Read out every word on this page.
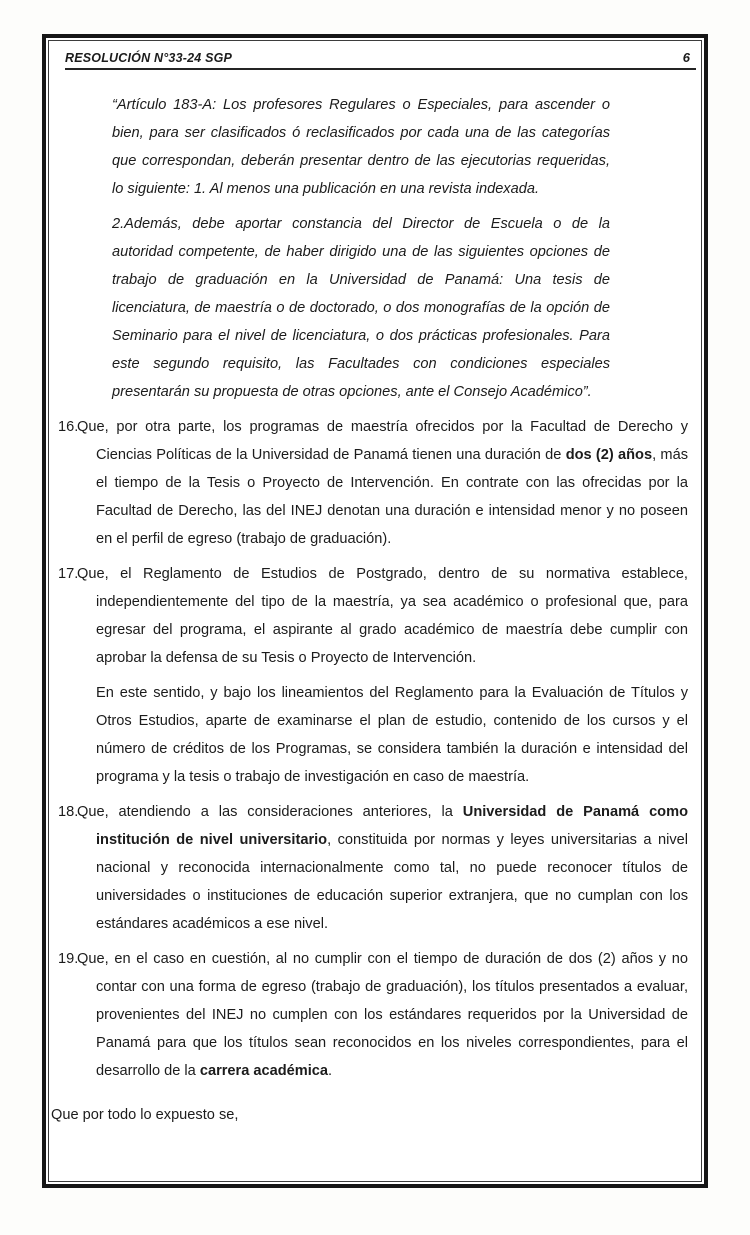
RESOLUCIÓN N°33-24 SGP	6

“Artículo 183-A: Los profesores Regulares o Especiales, para ascender o bien, para ser clasificados ó reclasificados por cada una de las categorías que correspondan, deberán presentar dentro de las ejecutorias requeridas, lo siguiente: 1. Al menos una publicación en una revista indexada.

2.Además, debe aportar constancia del Director de Escuela o de la autoridad competente, de haber dirigido una de las siguientes opciones de trabajo de graduación en la Universidad de Panamá: Una tesis de licenciatura, de maestría o de doctorado, o dos monografías de la opción de Seminario para el nivel de licenciatura, o dos prácticas profesionales. Para este segundo requisito, las Facultades con condiciones especiales presentarán su propuesta de otras opciones, ante el Consejo Académico”.

16.
Que, por otra parte, los programas de maestría ofrecidos por la Facultad de Derecho y Ciencias Políticas de la Universidad de Panamá tienen una duración de dos (2) años, más el tiempo de la Tesis o Proyecto de Intervención. En contrate con las ofrecidas por la Facultad de Derecho, las del INEJ denotan una duración e intensidad menor y no poseen en el perfil de egreso (trabajo de graduación).
17.
Que, el Reglamento de Estudios de Postgrado, dentro de su normativa establece, independientemente del tipo de la maestría, ya sea académico o profesional que, para egresar del programa, el aspirante al grado académico de maestría debe cumplir con aprobar la defensa de su Tesis o Proyecto de Intervención.
En este sentido, y bajo los lineamientos del Reglamento para la Evaluación de Títulos y Otros Estudios, aparte de examinarse el plan de estudio, contenido de los cursos y el número de créditos de los Programas, se considera también la duración e intensidad del programa y la tesis o trabajo de investigación en caso de maestría.
18.
Que, atendiendo a las consideraciones anteriores, la Universidad de Panamá como institución de nivel universitario, constituida por normas y leyes universitarias a nivel nacional y reconocida internacionalmente como tal, no puede reconocer títulos de universidades o instituciones de educación superior extranjera, que no cumplan con los estándares académicos a ese nivel.
19.
Que, en el caso en cuestión, al no cumplir con el tiempo de duración de dos (2) años y no contar con una forma de egreso (trabajo de graduación), los títulos presentados a evaluar, provenientes del INEJ no cumplen con los estándares requeridos por la Universidad de Panamá para que los títulos sean reconocidos en los niveles correspondientes, para el desarrollo de la carrera académica.
Que por todo lo expuesto se,
